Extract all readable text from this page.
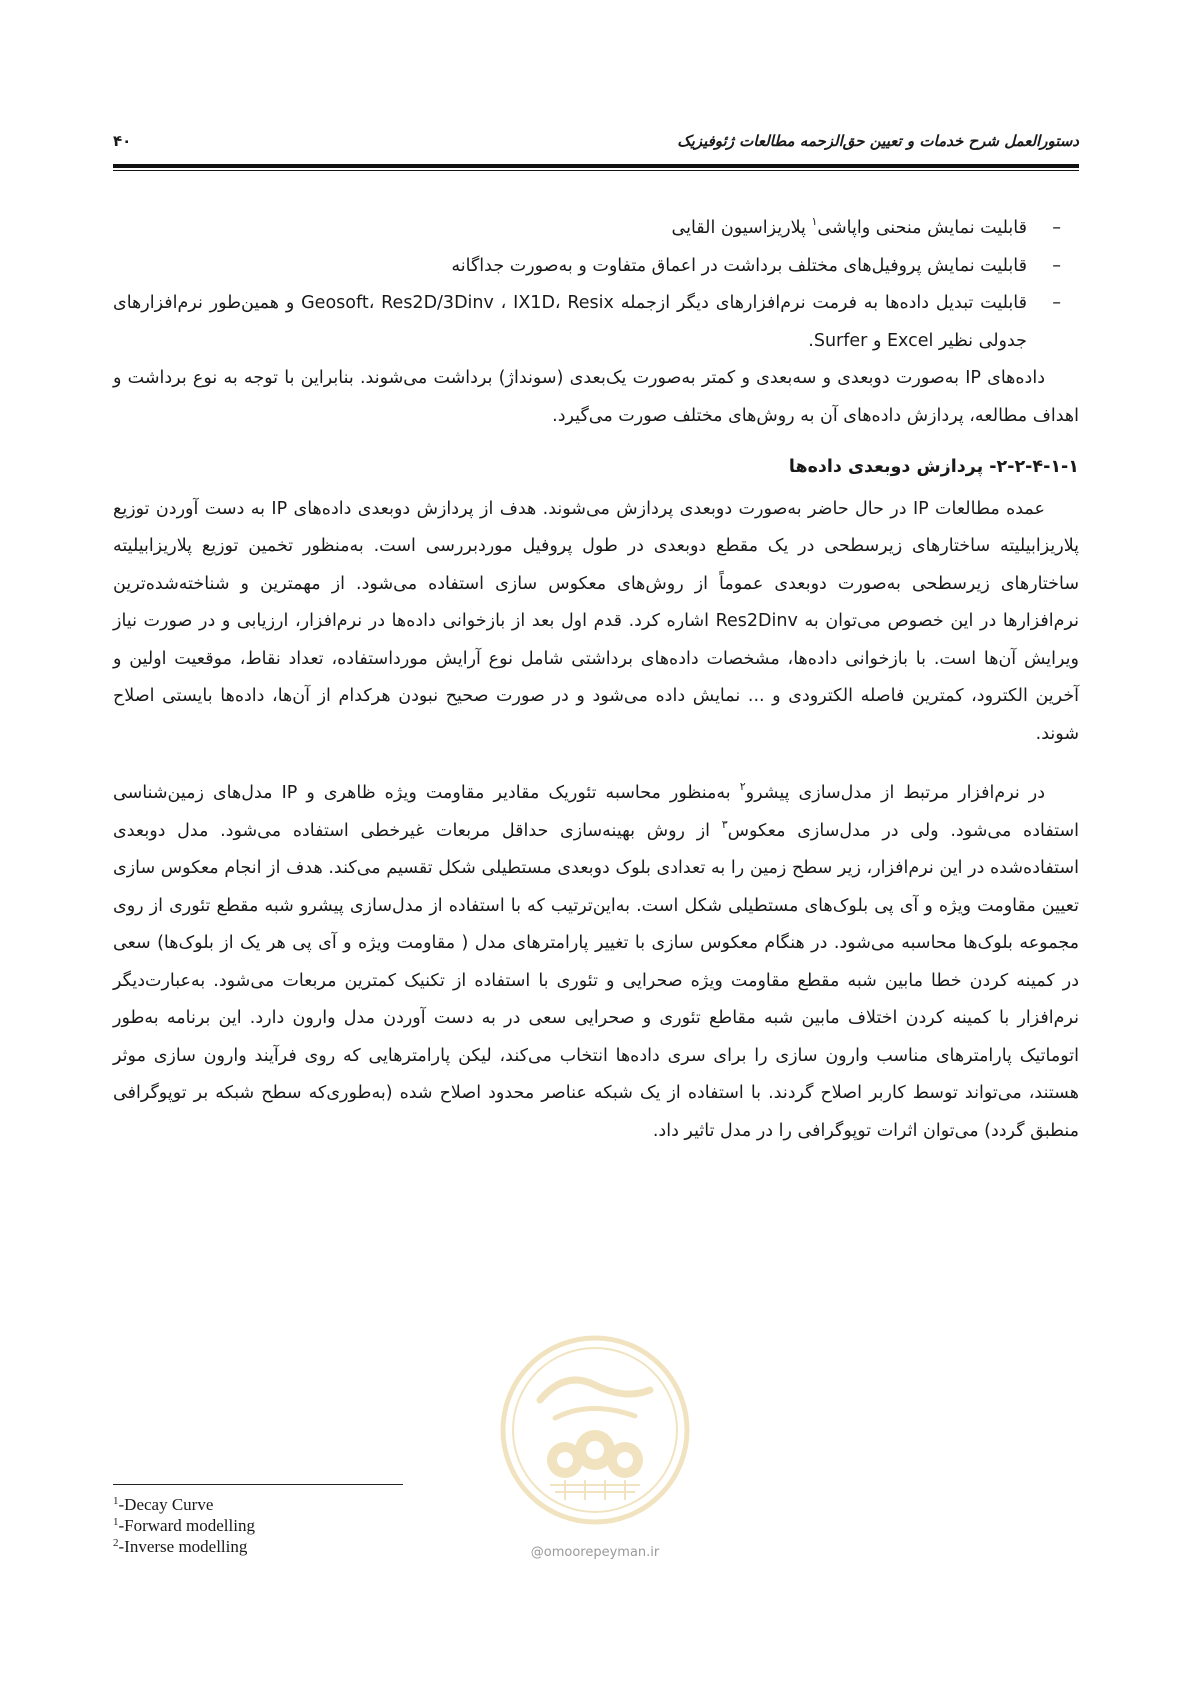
دستورالعمل شرح خدمات و تعیین حق‌الزحمه مطالعات ژئوفیزیک
۴۰

–
قابلیت نمایش منحنی واپاشی$^۱$ پلاریزاسیون القایی

–
قابلیت نمایش پروفیل‌های مختلف برداشت در اعماق متفاوت و به‌صورت جداگانه

–
قابلیت تبدیل داده‌ها به فرمت نرم‌افزارهای دیگر ازجمله Geosoft، Res2D/3Dinv ، IX1D، Resix و همین‌طور نرم‌افزارهای جدولی نظیر Excel و Surfer.

داده‌های IP به‌صورت دوبعدی و سه‌بعدی و کمتر به‌صورت یک‌بعدی (سونداژ) برداشت می‌شوند. بنابراین با توجه به نوع برداشت و اهداف مطالعه، پردازش داده‌های آن به روش‌های مختلف صورت می‌گیرد.

۲-۲-۴-۱-۱- پردازش دوبعدی داده‌ها

عمده مطالعات IP در حال حاضر به‌صورت دوبعدی پردازش می‌شوند. هدف از پردازش دوبعدی داده‌های IP به دست آوردن توزیع پلاریزابیلیته ساختارهای زیرسطحی در یک مقطع دوبعدی در طول پروفیل موردبررسی است. به‌منظور تخمین توزیع پلاریزابیلیته ساختارهای زیرسطحی به‌صورت دوبعدی عموماً از روش‌های معکوس سازی استفاده می‌شود. از مهمترین و شناخته‌شده‌ترین نرم‌افزارها در این خصوص می‌توان به Res2Dinv اشاره کرد. قدم اول بعد از بازخوانی داده‌ها در نرم‌افزار، ارزیابی و در صورت نیاز ویرایش آن‌ها است. با بازخوانی داده‌ها، مشخصات داده‌های برداشتی شامل نوع آرایش مورداستفاده، تعداد نقاط، موقعیت اولین و آخرین الکترود، کمترین فاصله الکترودی و ... نمایش داده می‌شود و در صورت صحیح نبودن هرکدام از آن‌ها، داده‌ها بایستی اصلاح شوند.

در نرم‌افزار مرتبط از مدل‌سازی پیشرو$^۲$ به‌منظور محاسبه تئوریک مقادیر مقاومت ویژه ظاهری و IP مدل‌های زمین‌شناسی استفاده می‌شود. ولی در مدل‌سازی معکوس$^۳$ از روش بهینه‌سازی حداقل مربعات غیرخطی استفاده می‌شود. مدل دوبعدی استفاده‌شده در این نرم‌افزار، زیر سطح زمین را به تعدادی بلوک دوبعدی مستطیلی شکل تقسیم می‌کند. هدف از انجام معکوس سازی تعیین مقاومت ویژه و آی پی بلوک‌های مستطیلی شکل است. به‌این‌ترتیب که با استفاده از مدل‌سازی پیشرو شبه مقطع تئوری از روی مجموعه بلوک‌ها محاسبه می‌شود. در هنگام معکوس سازی با تغییر پارامترهای مدل ( مقاومت ویژه و آی پی هر یک از بلوک‌ها) سعی در کمینه کردن خطا مابین شبه مقطع مقاومت ویژه صحرایی و تئوری با استفاده از تکنیک کمترین مربعات می‌شود. به‌عبارت‌دیگر نرم‌افزار با کمینه کردن اختلاف مابین شبه مقاطع تئوری و صحرایی سعی در به دست آوردن مدل وارون دارد. این برنامه به‌طور اتوماتیک پارامترهای مناسب وارون سازی را برای سری داده‌ها انتخاب می‌کند، لیکن پارامترهایی که روی فرآیند وارون سازی موثر هستند، می‌تواند توسط کاربر اصلاح گردند. با استفاده از یک شبکه عناصر محدود اصلاح شده (به‌طوری‌که سطح شبکه بر توپوگرافی منطبق گردد) می‌توان اثرات توپوگرافی را در مدل تاثیر داد.

@omoorepeyman.ir

$^1$-Decay Curve

$^1$-Forward modelling

$^2$-Inverse modelling
